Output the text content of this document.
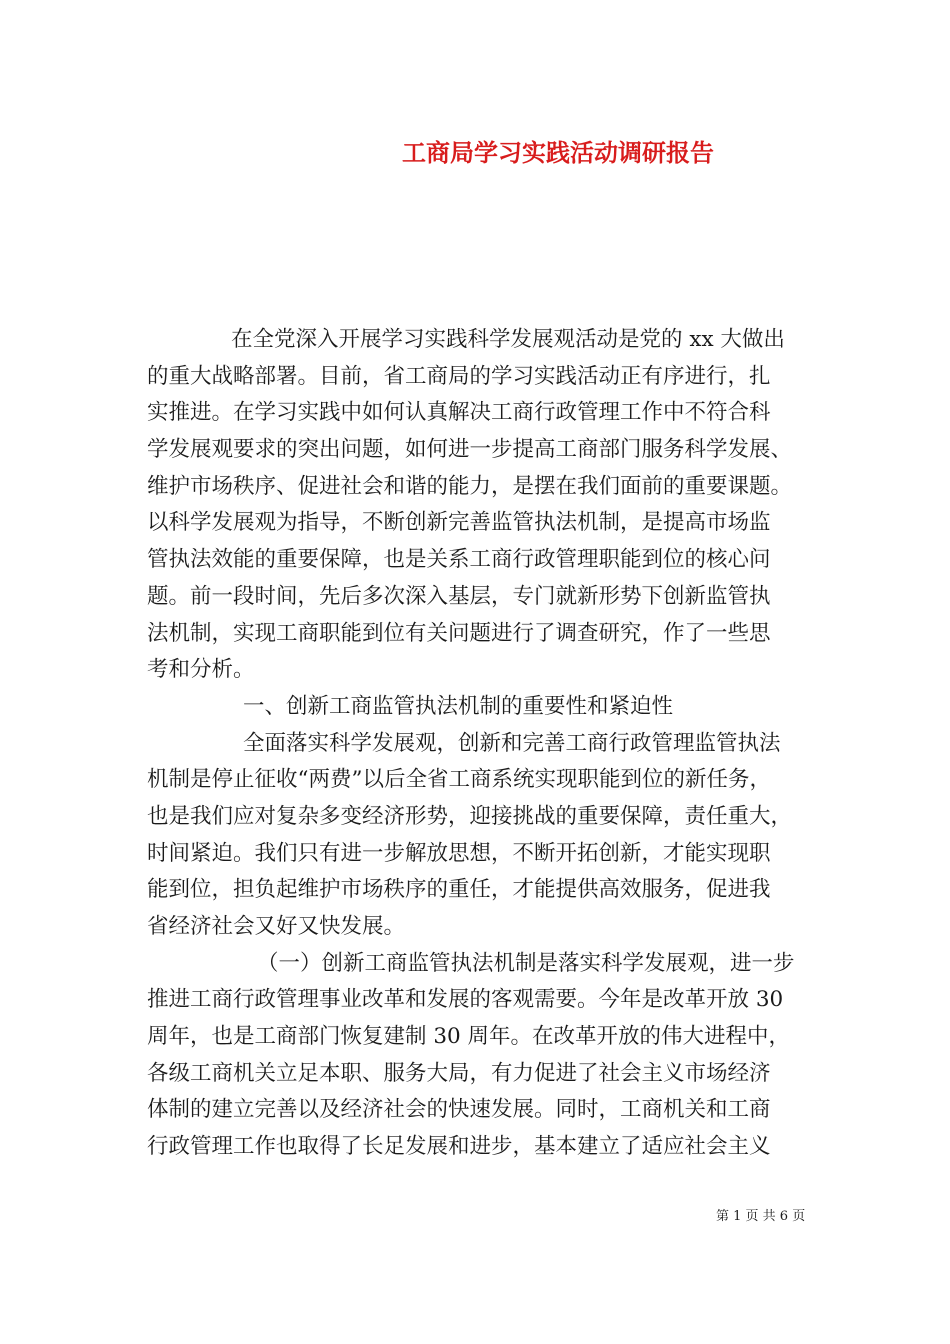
工商局学习实践活动调研报告
在全党深入开展学习实践科学发展观活动是党的 xx 大做出
的重大战略部署。目前，省工商局的学习实践活动正有序进行，扎
实推进。在学习实践中如何认真解决工商行政管理工作中不符合科
学发展观要求的突出问题，如何进一步提高工商部门服务科学发展、
维护市场秩序、促进社会和谐的能力，是摆在我们面前的重要课题。
以科学发展观为指导，不断创新完善监管执法机制，是提高市场监
管执法效能的重要保障，也是关系工商行政管理职能到位的核心问
题。前一段时间，先后多次深入基层，专门就新形势下创新监管执
法机制，实现工商职能到位有关问题进行了调查研究，作了一些思
考和分析。
一、创新工商监管执法机制的重要性和紧迫性
全面落实科学发展观，创新和完善工商行政管理监管执法
机制是停止征收“两费”以后全省工商系统实现职能到位的新任务，
也是我们应对复杂多变经济形势，迎接挑战的重要保障，责任重大，
时间紧迫。我们只有进一步解放思想，不断开拓创新，才能实现职
能到位，担负起维护市场秩序的重任，才能提供高效服务，促进我
省经济社会又好又快发展。
（一）创新工商监管执法机制是落实科学发展观，进一步
推进工商行政管理事业改革和发展的客观需要。今年是改革开放 30
周年，也是工商部门恢复建制 30 周年。在改革开放的伟大进程中，
各级工商机关立足本职、服务大局，有力促进了社会主义市场经济
体制的建立完善以及经济社会的快速发展。同时，工商机关和工商
行政管理工作也取得了长足发展和进步，基本建立了适应社会主义
第 1 页 共 6 页
